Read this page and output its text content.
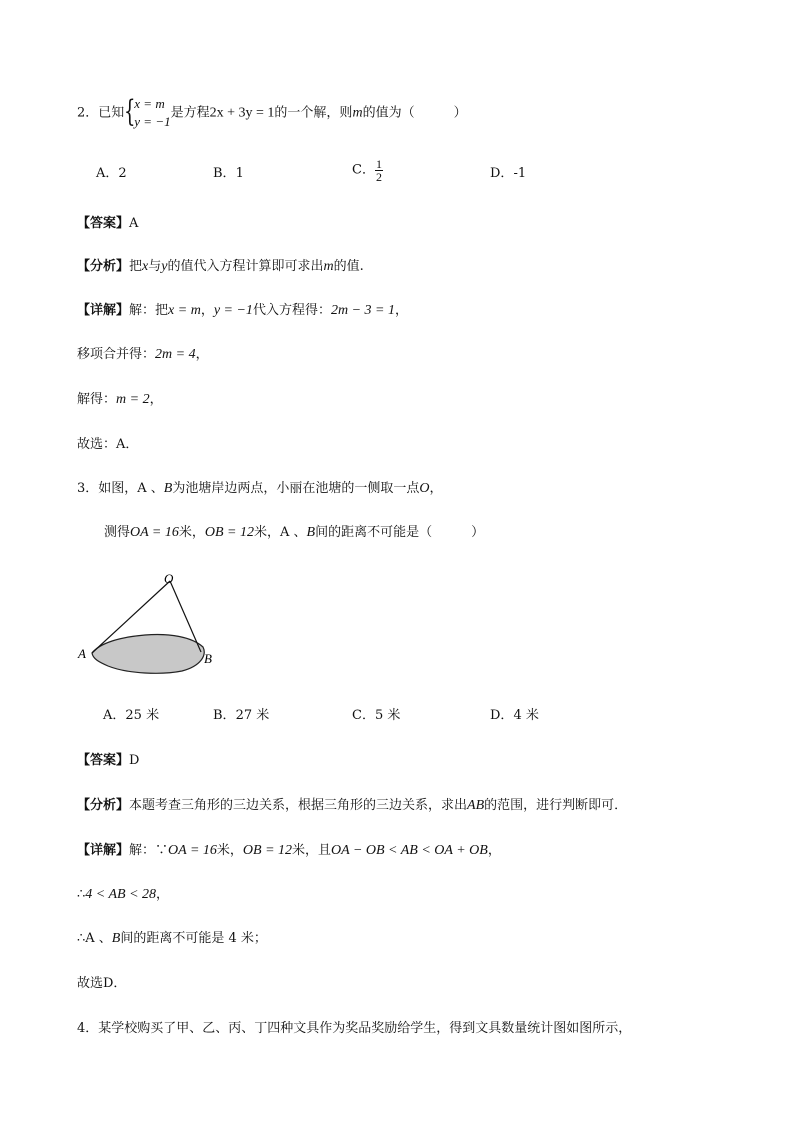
2．已知 {
x = m
y = −1
是方程2x + 3y = 1的一个解，则m的值为（　　　）
A．2	B．1	C． $\frac{1}{2}$	D．-1
【答案】A
【分析】把x与y的值代入方程计算即可求出m的值.
【详解】解：把x = m，y = −1代入方程得：2m − 3 = 1，
移项合并得：2m = 4，
解得：m = 2，
故选：A．
3．如图，A 、B为池塘岸边两点，小丽在池塘的一侧取一点O，
测得OA = 16米，OB = 12米，A 、B间的距离不可能是（　　　）
O
A	B
A．25 米	B．27 米	C．5 米	D．4 米
【答案】D
【分析】本题考查三角形的三边关系，根据三角形的三边关系，求出AB的范围，进行判断即可．
【详解】解：∵OA = 16米，OB = 12米，且OA − OB < AB < OA + OB，
∴4 < AB < 28，
∴A 、B间的距离不可能是 4 米；
故选D．
4．某学校购买了甲、乙、丙、丁四种文具作为奖品奖励给学生，得到文具数量统计图如图所示，
